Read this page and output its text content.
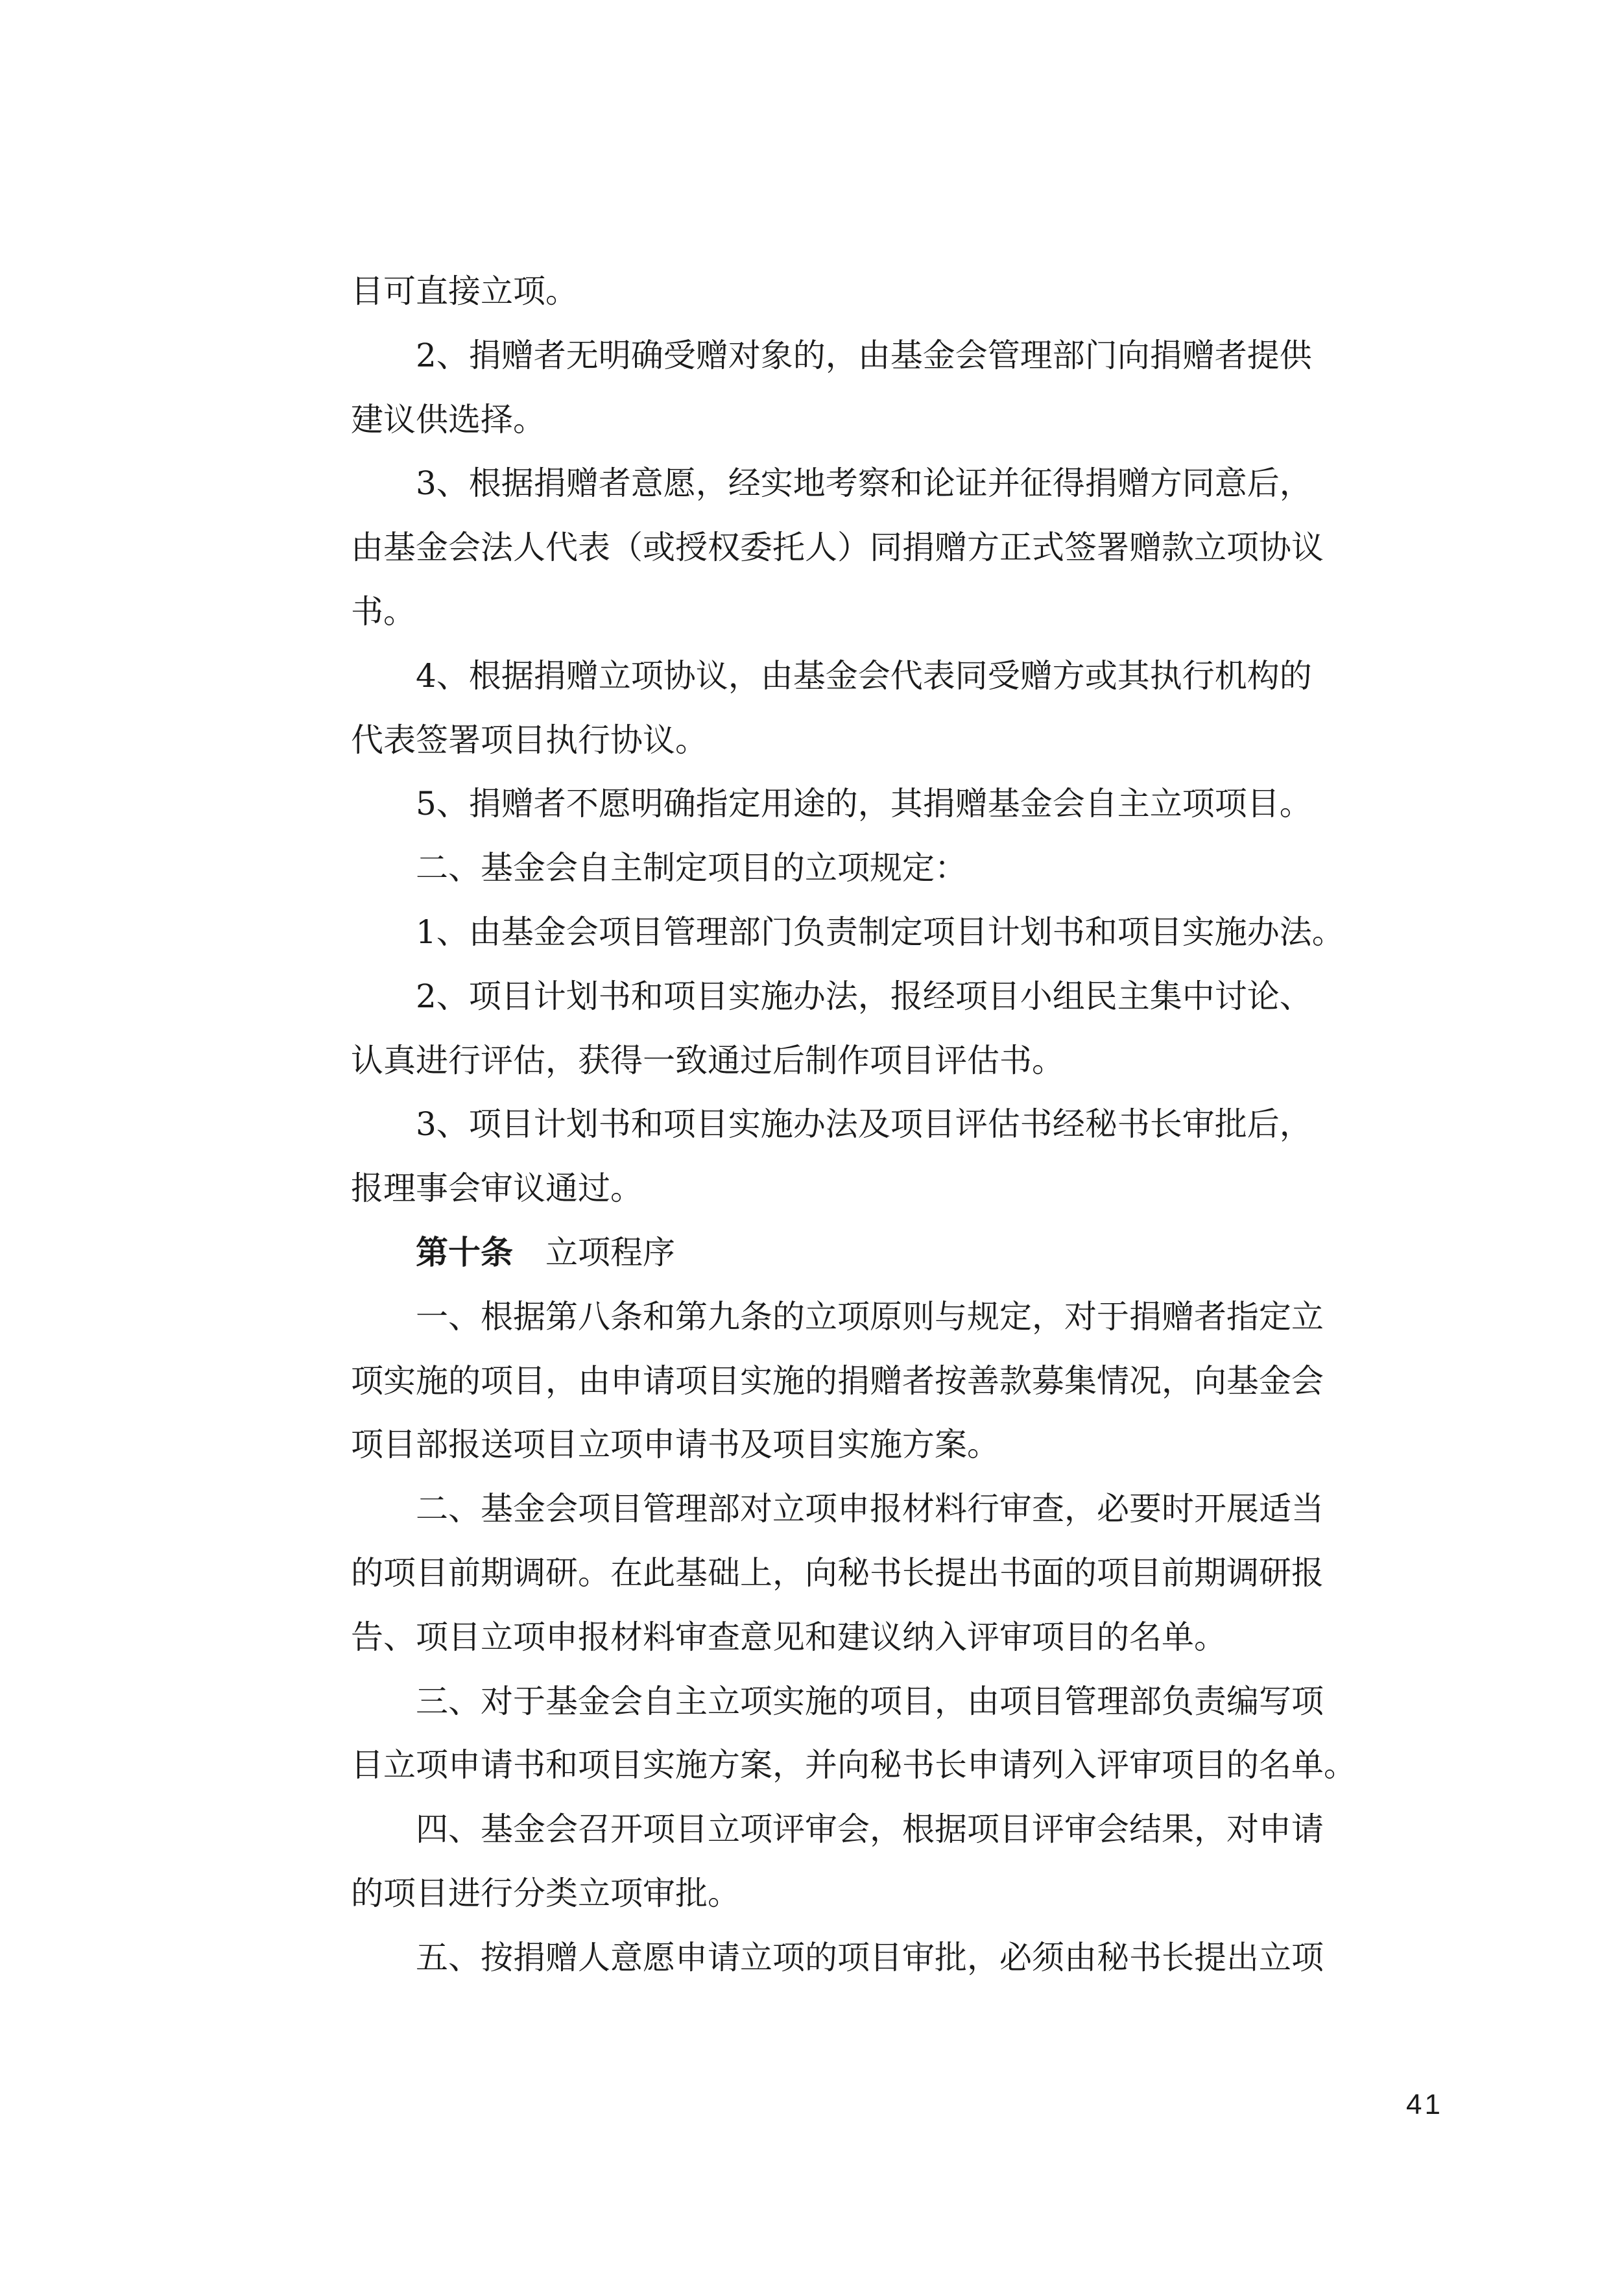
目可直接立项。
2、捐赠者无明确受赠对象的，由基金会管理部门向捐赠者提供
建议供选择。
3、根据捐赠者意愿，经实地考察和论证并征得捐赠方同意后，
由基金会法人代表（或授权委托人）同捐赠方正式签署赠款立项协议
书。
4、根据捐赠立项协议，由基金会代表同受赠方或其执行机构的
代表签署项目执行协议。
5、捐赠者不愿明确指定用途的，其捐赠基金会自主立项项目。
二、基金会自主制定项目的立项规定：
1、由基金会项目管理部门负责制定项目计划书和项目实施办法。
2、项目计划书和项目实施办法，报经项目小组民主集中讨论、
认真进行评估，获得一致通过后制作项目评估书。
3、项目计划书和项目实施办法及项目评估书经秘书长审批后，
报理事会审议通过。
第十条 立项程序
一、根据第八条和第九条的立项原则与规定，对于捐赠者指定立
项实施的项目，由申请项目实施的捐赠者按善款募集情况，向基金会
项目部报送项目立项申请书及项目实施方案。
二、基金会项目管理部对立项申报材料行审查，必要时开展适当
的项目前期调研。在此基础上，向秘书长提出书面的项目前期调研报
告、项目立项申报材料审查意见和建议纳入评审项目的名单。
三、对于基金会自主立项实施的项目，由项目管理部负责编写项
目立项申请书和项目实施方案，并向秘书长申请列入评审项目的名单。
四、基金会召开项目立项评审会，根据项目评审会结果，对申请
的项目进行分类立项审批。
五、按捐赠人意愿申请立项的项目审批，必须由秘书长提出立项
41
